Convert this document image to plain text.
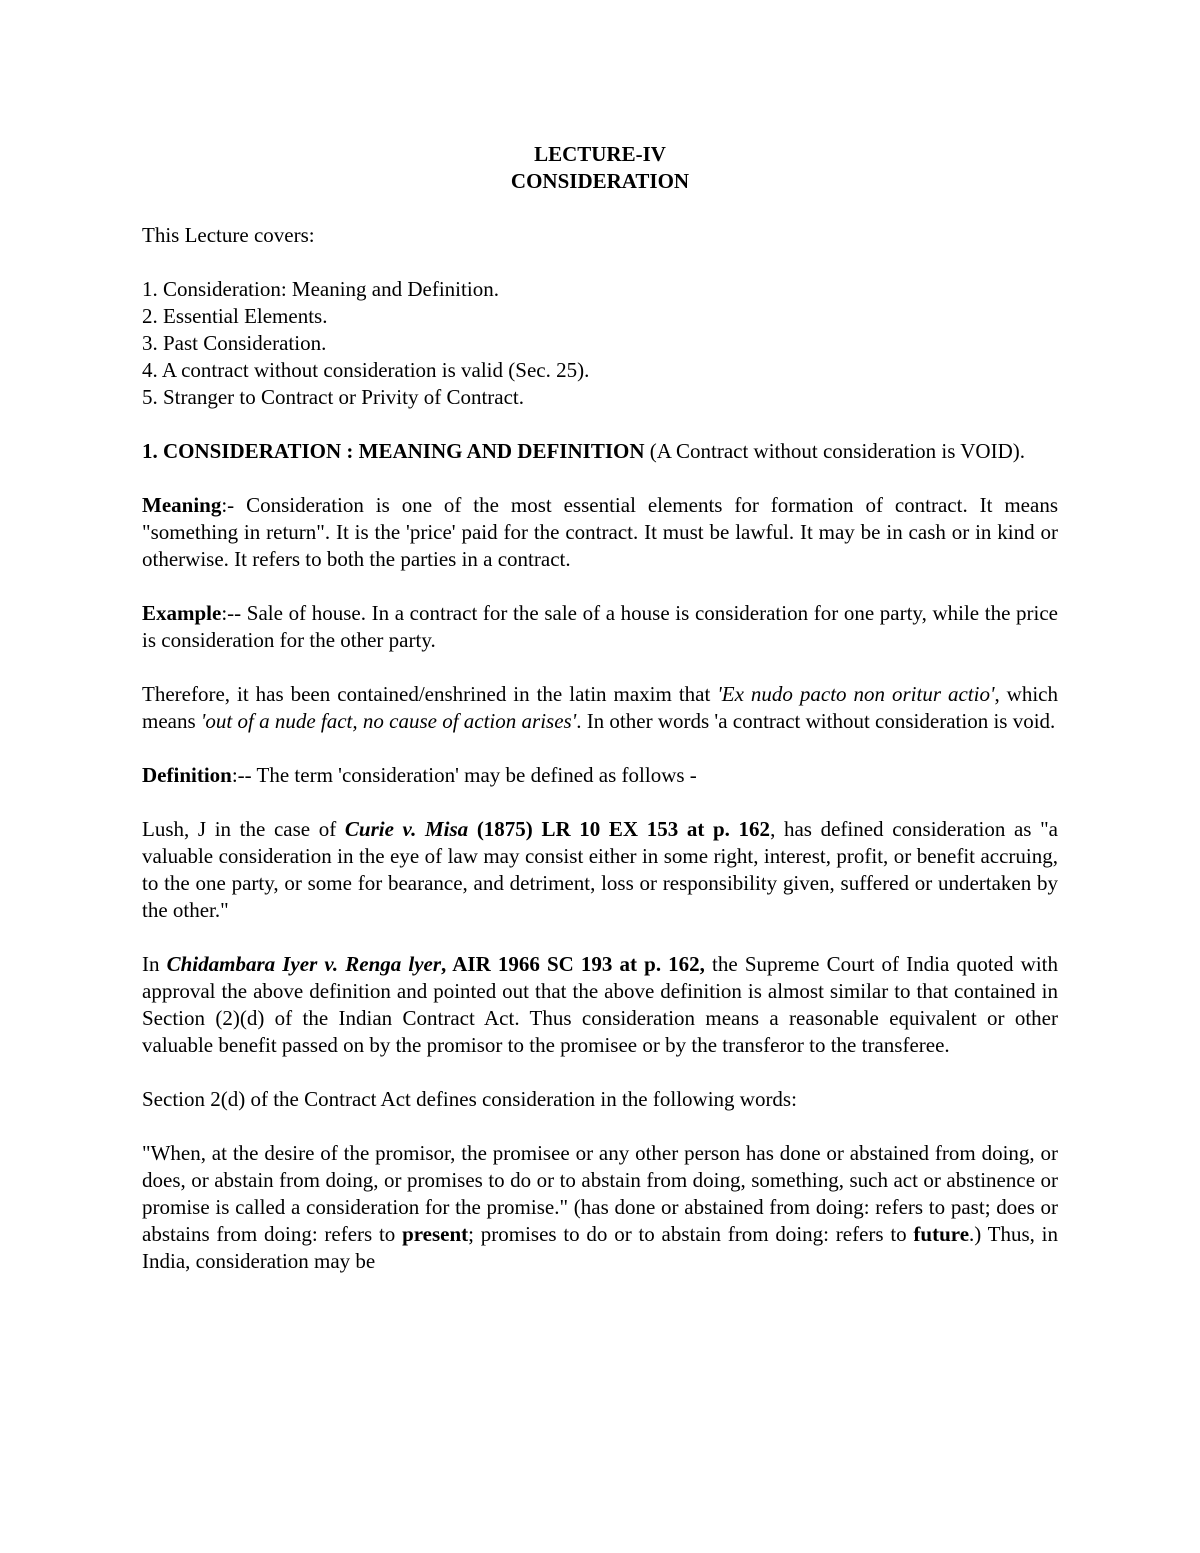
LECTURE-IV

CONSIDERATION

This Lecture covers:

1. Consideration: Meaning and Definition.

2. Essential Elements.

3. Past Consideration.

4. A contract without consideration is valid (Sec. 25).

5. Stranger to Contract or Privity of Contract.

1. CONSIDERATION : MEANING AND DEFINITION (A Contract without consideration is VOID).

Meaning:- Consideration is one of the most essential elements for formation of contract. It means "something in return". It is the 'price' paid for the contract. It must be lawful. It may be in cash or in kind or otherwise. It refers to both the parties in a contract.

Example:-- Sale of house. In a contract for the sale of a house is consideration for one party, while the price is consideration for the other party.

Therefore, it has been contained/enshrined in the latin maxim that 'Ex nudo pacto non oritur actio', which means 'out of a nude fact, no cause of action arises'. In other words 'a contract without consideration is void.

Definition:-- The term 'consideration' may be defined as follows -

Lush, J in the case of Curie v. Misa (1875) LR 10 EX 153 at p. 162, has defined consideration as "a valuable consideration in the eye of law may consist either in some right, interest, profit, or benefit accruing, to the one party, or some for bearance, and detriment, loss or responsibility given, suffered or undertaken by the other."

In Chidambara Iyer v. Renga lyer, AIR 1966 SC 193 at p. 162, the Supreme Court of India quoted with approval the above definition and pointed out that the above definition is almost similar to that contained in Section (2)(d) of the Indian Contract Act. Thus consideration means a reasonable equivalent or other valuable benefit passed on by the promisor to the promisee or by the transferor to the transferee.

Section 2(d) of the Contract Act defines consideration in the following words:

"When, at the desire of the promisor, the promisee or any other person has done or abstained from doing, or does, or abstain from doing, or promises to do or to abstain from doing, something, such act or abstinence or promise is called a consideration for the promise." (has done or abstained from doing: refers to past; does or abstains from doing: refers to present; promises to do or to abstain from doing: refers to future.) Thus, in India, consideration may be
